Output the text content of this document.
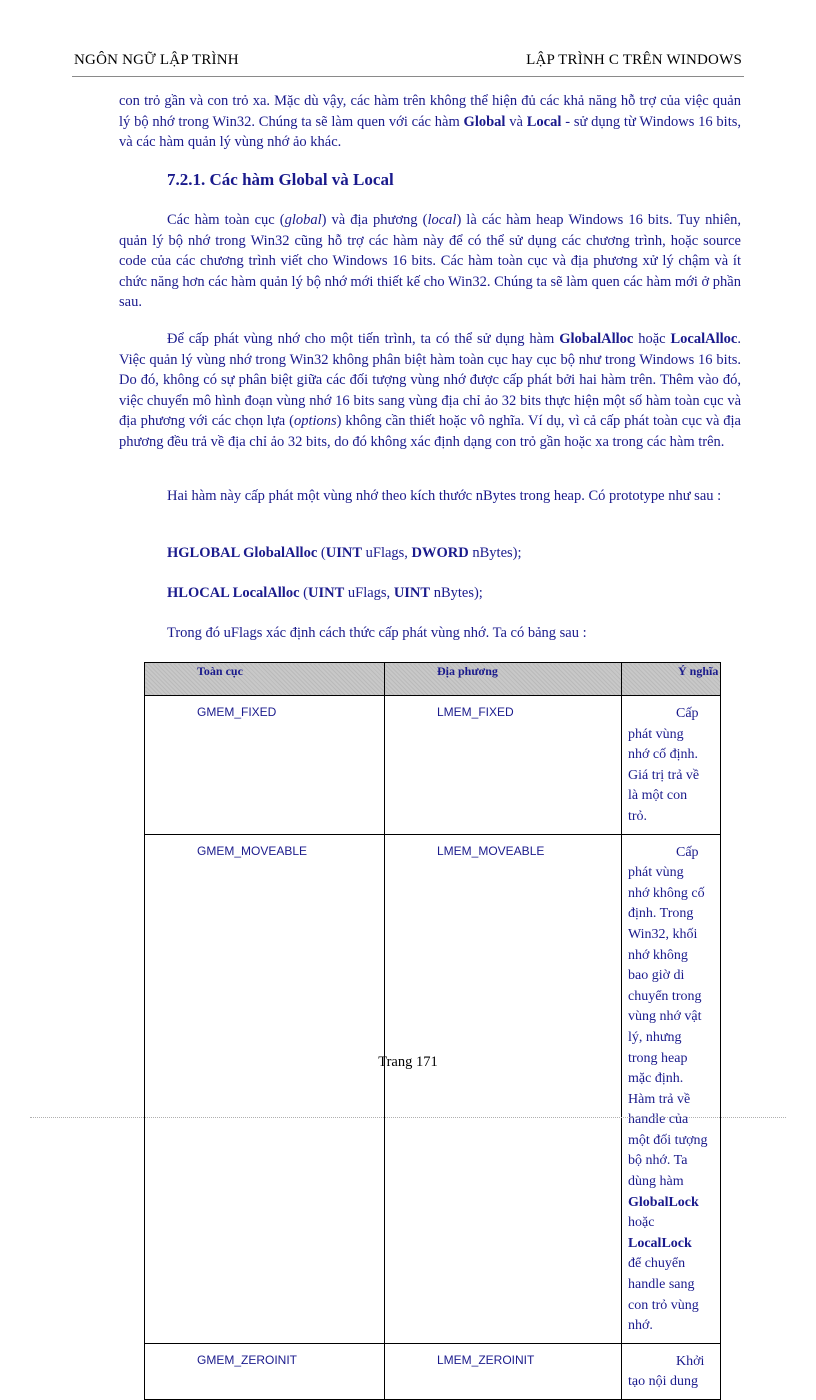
NGÔN NGỮ LẬP TRÌNH	LẬP TRÌNH C TRÊN WINDOWS

con trỏ gần và con trỏ xa. Mặc dù vậy, các hàm trên không thể hiện đủ các khả năng hỗ trợ của việc quản lý bộ nhớ trong Win32. Chúng ta sẽ làm quen với các hàm Global và Local - sử dụng từ Windows 16 bits, và các hàm quản lý vùng nhớ ảo khác.

7.2.1. Các hàm Global và Local

Các hàm toàn cục (global) và địa phương (local) là các hàm heap Windows 16 bits. Tuy nhiên, quản lý bộ nhớ trong Win32 cũng hỗ trợ các hàm này để có thể sử dụng các chương trình, hoặc source code của các chương trình viết cho Windows 16 bits. Các hàm toàn cục và địa phương xử lý chậm và ít chức năng hơn các hàm quản lý bộ nhớ mới thiết kế cho Win32. Chúng ta sẽ làm quen các hàm mới ở phần sau.

Để cấp phát vùng nhớ cho một tiến trình, ta có thể sử dụng hàm GlobalAlloc hoặc LocalAlloc. Việc quản lý vùng nhớ trong Win32 không phân biệt hàm toàn cục hay cục bộ như trong Windows 16 bits. Do đó, không có sự phân biệt giữa các đối tượng vùng nhớ được cấp phát bởi hai hàm trên. Thêm vào đó, việc chuyển mô hình đoạn vùng nhớ 16 bits sang vùng địa chỉ ảo 32 bits thực hiện một số hàm toàn cục và địa phương với các chọn lựa (options) không cần thiết hoặc vô nghĩa. Ví dụ, vì cả cấp phát toàn cục và địa phương đều trả về địa chỉ ảo 32 bits, do đó không xác định dạng con trỏ gần hoặc xa trong các hàm trên.

Hai hàm này cấp phát một vùng nhớ theo kích thước nBytes trong heap. Có prototype như sau :

HGLOBAL GlobalAlloc (UINT uFlags, DWORD nBytes);
HLOCAL LocalAlloc (UINT uFlags, UINT nBytes);
Trong đó uFlags xác định cách thức cấp phát vùng nhớ. Ta có bảng sau :
Toàn cục	Địa phương	Ý nghĩa
GMEM_FIXED	LMEM_FIXED	Cấp phát vùng nhớ cố định. Giá trị trả về là một con trỏ.

GMEM_MOVEABLE	LMEM_MOVEABLE	Cấp phát vùng nhớ không cố định. Trong Win32, khối nhớ không bao giờ di chuyển trong vùng nhớ vật lý, nhưng trong heap mặc định. Hàm trả về handle của một đối tượng bộ nhớ. Ta dùng hàm GlobalLock hoặc LocalLock để chuyển handle sang con trỏ vùng nhớ.

GMEM_ZEROINIT	LMEM_ZEROINIT	Khởi tạo nội dung
Trang 171
